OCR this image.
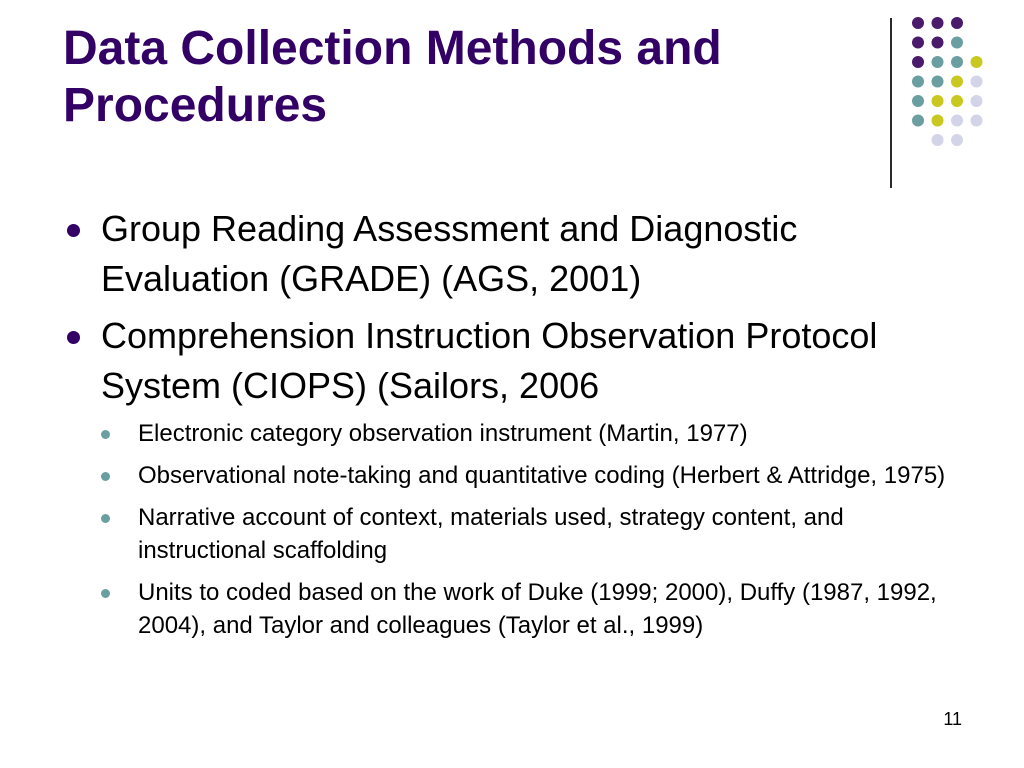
Data Collection Methods and Procedures
Group Reading Assessment and Diagnostic Evaluation (GRADE) (AGS, 2001)
Comprehension Instruction Observation Protocol System (CIOPS) (Sailors, 2006
Electronic category observation instrument (Martin, 1977)
Observational note-taking and quantitative coding (Herbert & Attridge, 1975)
Narrative account of context, materials used, strategy content, and instructional scaffolding
Units to coded based on the work of Duke (1999; 2000), Duffy (1987, 1992, 2004), and Taylor and colleagues (Taylor et al., 1999)
11
